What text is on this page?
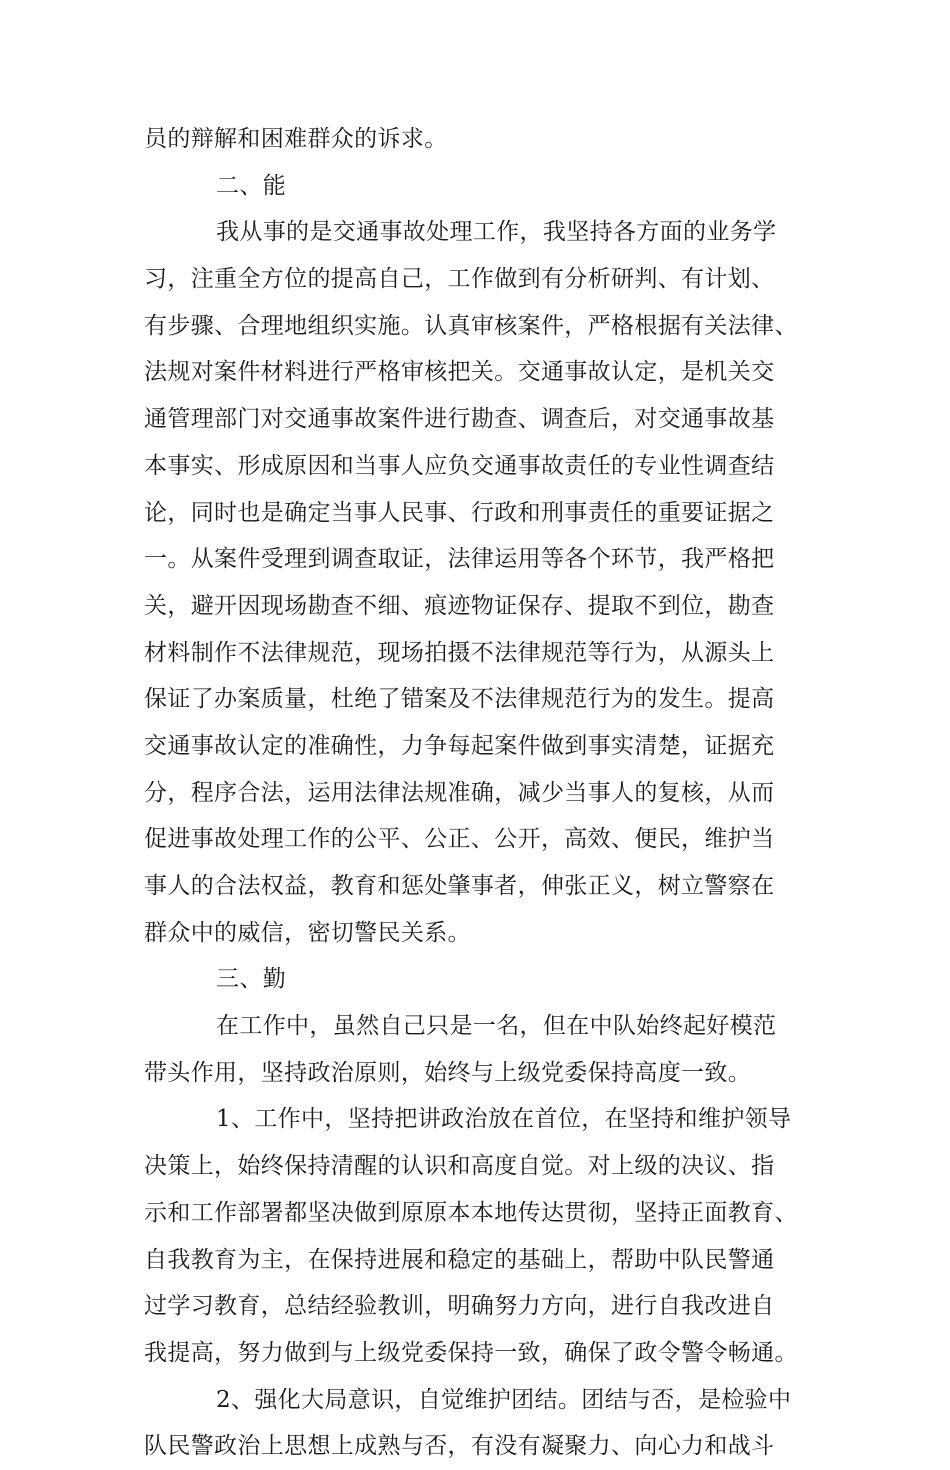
员的辩解和困难群众的诉求。
二、能
我从事的是交通事故处理工作，我坚持各方面的业务学
习，注重全方位的提高自己，工作做到有分析研判、有计划、
有步骤、合理地组织实施。认真审核案件，严格根据有关法律、
法规对案件材料进行严格审核把关。交通事故认定，是机关交
通管理部门对交通事故案件进行勘查、调查后，对交通事故基
本事实、形成原因和当事人应负交通事故责任的专业性调查结
论，同时也是确定当事人民事、行政和刑事责任的重要证据之
一。从案件受理到调查取证，法律运用等各个环节，我严格把
关，避开因现场勘查不细、痕迹物证保存、提取不到位，勘查
材料制作不法律规范，现场拍摄不法律规范等行为，从源头上
保证了办案质量，杜绝了错案及不法律规范行为的发生。提高
交通事故认定的准确性，力争每起案件做到事实清楚，证据充
分，程序合法，运用法律法规准确，减少当事人的复核，从而
促进事故处理工作的公平、公正、公开，高效、便民，维护当
事人的合法权益，教育和惩处肇事者，伸张正义，树立警察在
群众中的威信，密切警民关系。
三、勤
在工作中，虽然自己只是一名，但在中队始终起好模范
带头作用，坚持政治原则，始终与上级党委保持高度一致。
1、工作中，坚持把讲政治放在首位，在坚持和维护领导
决策上，始终保持清醒的认识和高度自觉。对上级的决议、指
示和工作部署都坚决做到原原本本地传达贯彻，坚持正面教育、
自我教育为主，在保持进展和稳定的基础上，帮助中队民警通
过学习教育，总结经验教训，明确努力方向，进行自我改进自
我提高，努力做到与上级党委保持一致，确保了政令警令畅通。
2、强化大局意识，自觉维护团结。团结与否，是检验中
队民警政治上思想上成熟与否，有没有凝聚力、向心力和战斗
